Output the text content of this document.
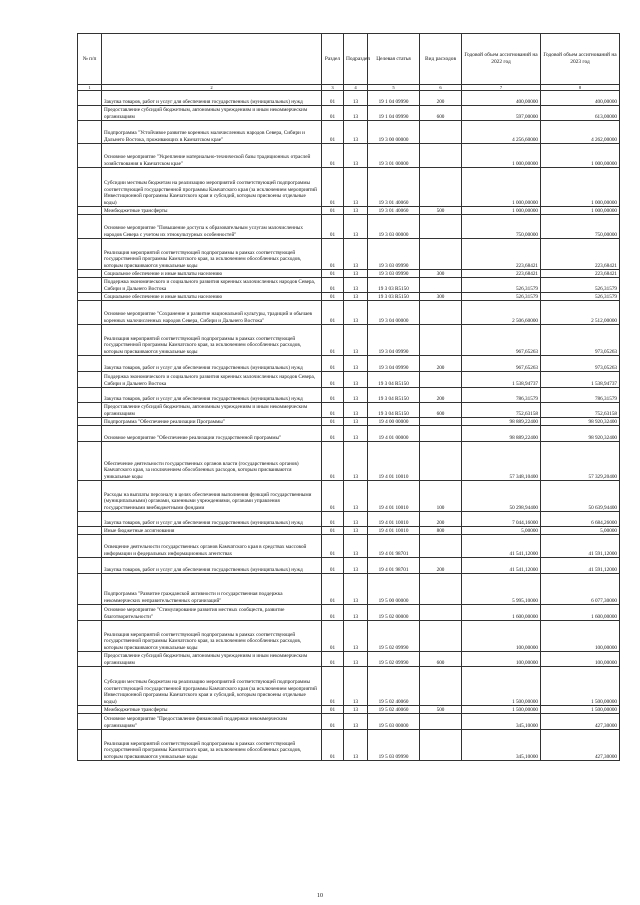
№ п/п		Раздел	Подраздел	Целевая статья	Вид расходов	Годовой объем ассигнований на 2022 год	Годовой объем ассигнований на 2023 год
1	2	3	4	5	6	7	8
	Закупка товаров, работ и услуг для обеспечения государственных (муниципальных) нужд	01	13	19 1 04 09990	200	400,00000	400,00000
	Предоставление субсидий бюджетным, автономным учреждениям и иным некоммерческим организациям	01	13	19 1 04 09990	600	597,00000	613,00000
	Подпрограмма "Устойчивое развитие коренных малочисленных народов Севера, Сибири и Дальнего Востока, проживающих в Камчатском крае"	01	13	19 3 00 00000		4 256,60000	4 262,00000
	Основное мероприятие "Укрепление материально-технической базы традиционных отраслей хозяйствования в Камчатском крае"	01	13	19 3 01 00000		1 000,00000	1 000,00000
	Субсидии местным бюджетам на реализацию мероприятий соответствующей подпрограммы соответствующей государственной программы Камчатского края (за исключением мероприятий Инвестиционной программы Камчатского края и субсидий, которым присвоены отдельные коды)	01	13	19 3 01 40060		1 000,00000	1 000,00000
	Межбюджетные трансферты	01	13	19 3 01 40060	500	1 000,00000	1 000,00000
	Основное мероприятие "Повышение доступа к образовательным услугам малочисленных народов Севера с учетом их этнокультурных особенностей"	01	13	19 3 03 00000		750,00000	750,00000
	Реализация мероприятий соответствующей подпрограммы в рамках соответствующей государственной программы Камчатского края, за исключением обособленных расходов, которым присваиваются уникальные коды	01	13	19 3 03 09990		223,68421	223,68421
	Социальное обеспечение и иные выплаты населению	01	13	19 3 03 09990	300	223,68421	223,68421
	Поддержка экономического и социального развития коренных малочисленных народов Севера, Сибири и Дальнего Востока	01	13	19 3 03 R5150		526,31579	526,31579
	Социальное обеспечение и иные выплаты населению	01	13	19 3 03 R5150	300	526,31579	526,31579
	Основное мероприятие "Сохранение и развитие национальной культуры, традиций и обычаев коренных малочисленных народов Севера, Сибири и Дальнего Востока"	01	13	19 3 04 00000		2 506,60000	2 512,00000
	Реализация мероприятий соответствующей подпрограммы в рамках соответствующей государственной программы Камчатского края, за исключением обособленных расходов, которым присваиваются уникальные коды	01	13	19 3 04 09990		967,65263	973,05263
	Закупка товаров, работ и услуг для обеспечения государственных (муниципальных) нужд	01	13	19 3 04 09990	200	967,65263	973,05263
	Поддержка экономического и социального развития коренных малочисленных народов Севера, Сибири и Дальнего Востока	01	13	19 3 04 R5150		1 538,94737	1 538,94737
	Закупка товаров, работ и услуг для обеспечения государственных (муниципальных) нужд	01	13	19 3 04 R5150	200	786,31579	786,31579
	Предоставление субсидий бюджетным, автономным учреждениям и иным некоммерческим организациям	01	13	19 3 04 R5150	600	752,63158	752,63158
	Подпрограмма "Обеспечение реализации Программы"	01	13	19 4 00 00000		98 889,22400	98 920,32400
	Основное мероприятие "Обеспечение реализации государственной программы"	01	13	19 4 01 00000		98 889,22400	98 920,32400
	Обеспечение деятельности государственных органов власти (государственных органов) Камчатского края, за исключением обособленных расходов, которым присваиваются уникальные коды	01	13	19 4 01 10010		57 348,10400	57 329,20400
	Расходы на выплаты персоналу в целях обеспечения выполнения функций государственными (муниципальными) органами, казенными учреждениями, органами управления государственными внебюджетными фондами	01	13	19 4 01 10010	100	50 298,94400	50 639,94400
	Закупка товаров, работ и услуг для обеспечения государственных (муниципальных) нужд	01	13	19 4 01 10010	200	7 044,16000	6 684,26000
	Иные бюджетные ассигнования	01	13	19 4 01 10010	800	5,00000	5,00000
	Освещение деятельности государственных органов Камчатского края в средствах массовой информации и федеральных информационных агентствах	01	13	19 4 01 98701		41 541,12000	41 591,12000
	Закупка товаров, работ и услуг для обеспечения государственных (муниципальных) нужд	01	13	19 4 01 98701	200	41 541,12000	41 591,12000
	Подпрограмма "Развитие гражданской активности и государственная поддержка некоммерческих неправительственных организаций"	01	13	19 5 00 00000		5 995,10000	6 077,30000
	Основное мероприятие "Стимулирование развития местных сообществ, развитие благотворительности"	01	13	19 5 02 00000		1 600,00000	1 600,00000
	Реализация мероприятий соответствующей подпрограммы в рамках соответствующей государственной программы Камчатского края, за исключением обособленных расходов, которым присваиваются уникальные коды	01	13	19 5 02 09990		100,00000	100,00000
	Предоставление субсидий бюджетным, автономным учреждениям и иным некоммерческим организациям	01	13	19 5 02 09990	600	100,00000	100,00000
	Субсидии местным бюджетам на реализацию мероприятий соответствующей подпрограммы соответствующей государственной программы Камчатского края (за исключением мероприятий Инвестиционной программы Камчатского края и субсидий, которым присвоены отдельные коды)	01	13	19 5 02 40060		1 500,00000	1 500,00000
	Межбюджетные трансферты	01	13	19 5 02 40060	500	1 500,00000	1 500,00000
	Основное мероприятие "Предоставление финансовой поддержки некоммерческим организациям"	01	13	19 5 03 00000		345,10000	427,30000
	Реализация мероприятий соответствующей подпрограммы в рамках соответствующей государственной программы Камчатского края, за исключением обособленных расходов, которым присваиваются уникальные коды	01	13	19 5 03 09990		345,10000	427,30000
10
